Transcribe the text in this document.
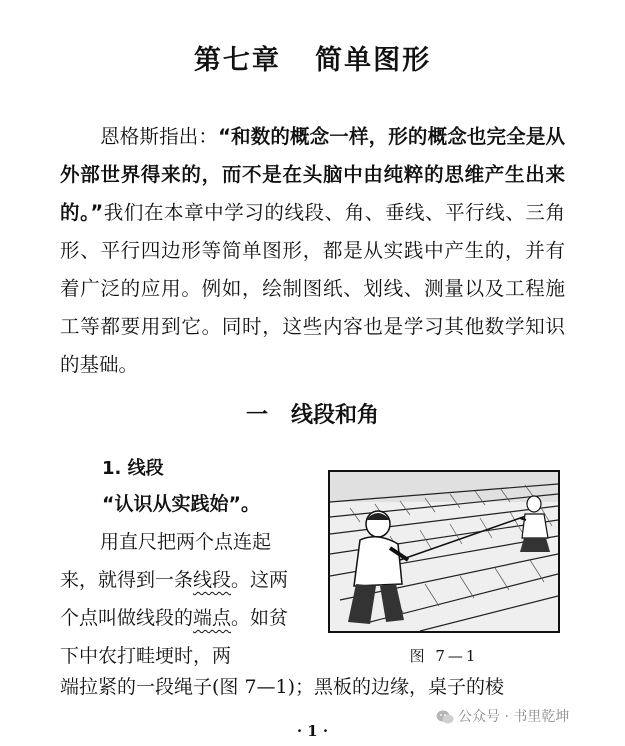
第七章   简单图形

恩格斯指出：“和数的概念一样，形的概念也完全是从外部世界得来的，而不是在头脑中由纯粹的思维产生出来的。”我们在本章中学习的线段、角、垂线、平行线、三角形、平行四边形等简单图形，都是从实践中产生的，并有着广泛的应用。例如，绘制图纸、划线、测量以及工程施工等都要用到它。同时，这些内容也是学习其他数学知识的基础。

一   线段和角
1. 线段
“认识从实践始”。

用直尺把两个点连起来，就得到一条线段。这两个点叫做线段的端点。如贫下中农打畦埂时，两

端拉紧的一段绳子(图 7—1)；黑板的边缘，桌子的棱
图 7—1
公众号 · 书里乾坤
· 1 ·
